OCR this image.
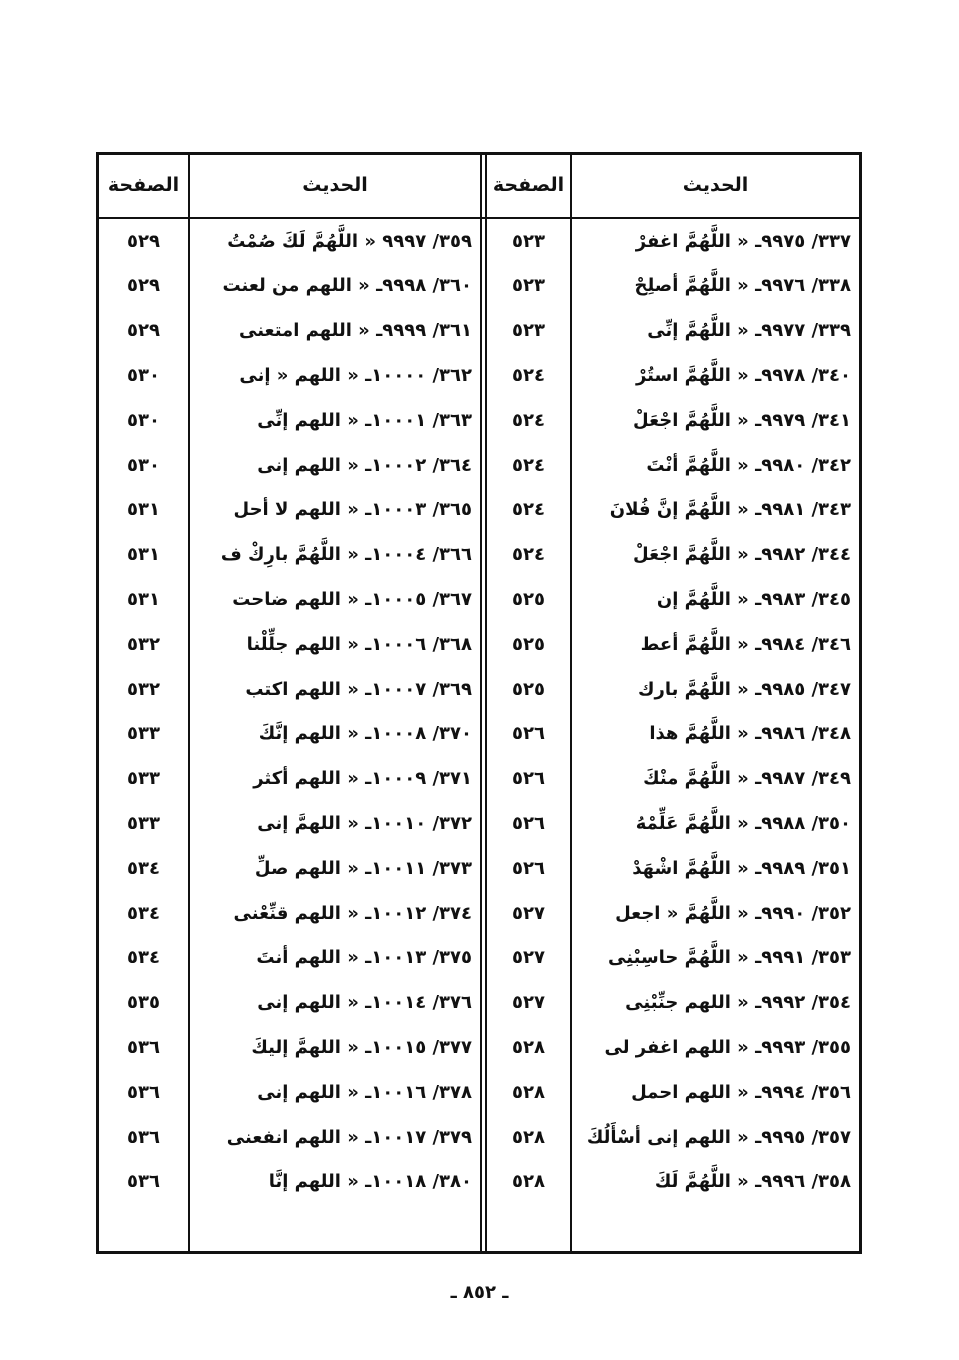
الصفحة	الحديث	الصفحة	الحديث
٥٢٩	٣٥٩/ ٩٩٩٧ « اللَّهُمَّ لَكَ صُمْتُ	٥٢٣	٣٣٧/ ٩٩٧٥ـ « اللَّهُمَّ اغفرْ
٥٢٩	٣٦٠/ ٩٩٩٨ـ « اللهم من لعنت	٥٢٣	٣٣٨/ ٩٩٧٦ـ « اللَّهُمَّ أصلِحْ
٥٢٩	٣٦١/ ٩٩٩٩ـ « اللهم امتعنى	٥٢٣	٣٣٩/ ٩٩٧٧ـ « اللَّهُمَّ إنِّى
٥٣٠	٣٦٢/ ١٠٠٠٠ـ « اللهم « إنى	٥٢٤	٣٤٠/ ٩٩٧٨ـ « اللَّهُمَّ استُرْ
٥٣٠	٣٦٣/ ١٠٠٠١ـ « اللهم إنِّى	٥٢٤	٣٤١/ ٩٩٧٩ـ « اللَّهُمَّ اجْعَلْ
٥٣٠	٣٦٤/ ١٠٠٠٢ـ « اللهم إنى	٥٢٤	٣٤٢/ ٩٩٨٠ـ « اللَّهُمَّ أنْتَ
٥٣١	٣٦٥/ ١٠٠٠٣ـ « اللهم لا أحل	٥٢٤	٣٤٣/ ٩٩٨١ـ « اللَّهُمَّ إنَّ فُلانَ
٥٣١	٣٦٦/ ١٠٠٠٤ـ « اللَّهُمَّ بارِكْ ف	٥٢٤	٣٤٤/ ٩٩٨٢ـ « اللَّهُمَّ اجْعَلْ
٥٣١	٣٦٧/ ١٠٠٠٥ـ « اللهم ضاحت	٥٢٥	٣٤٥/ ٩٩٨٣ـ « اللَّهُمَّ إن
٥٣٢	٣٦٨/ ١٠٠٠٦ـ « اللهم جلِّلْنا	٥٢٥	٣٤٦/ ٩٩٨٤ـ « اللَّهُمَّ أعط
٥٣٢	٣٦٩/ ١٠٠٠٧ـ « اللهم اكتب	٥٢٥	٣٤٧/ ٩٩٨٥ـ « اللَّهُمَّ بارك
٥٣٣	٣٧٠/ ١٠٠٠٨ـ « اللهم إنَّكَ	٥٢٦	٣٤٨/ ٩٩٨٦ـ « اللَّهُمَّ هذا
٥٣٣	٣٧١/ ١٠٠٠٩ـ « اللهم أكثر	٥٢٦	٣٤٩/ ٩٩٨٧ـ « اللَّهُمَّ منْكَ
٥٣٣	٣٧٢/ ١٠٠١٠ـ « اللهمَّ إنى	٥٢٦	٣٥٠/ ٩٩٨٨ـ « اللَّهُمَّ عَلِّمْهُ
٥٣٤	٣٧٣/ ١٠٠١١ـ « اللهم صلِّ	٥٢٦	٣٥١/ ٩٩٨٩ـ « اللَّهُمَّ اشْهَدْ
٥٣٤	٣٧٤/ ١٠٠١٢ـ « اللهم قنِّعْنى	٥٢٧	٣٥٢/ ٩٩٩٠ـ « اللَّهُمَّ « اجعل
٥٣٤	٣٧٥/ ١٠٠١٣ـ « اللهم أنتَ	٥٢٧	٣٥٣/ ٩٩٩١ـ « اللَّهُمَّ حاسِبْنِى
٥٣٥	٣٧٦/ ١٠٠١٤ـ « اللهم إنى	٥٢٧	٣٥٤/ ٩٩٩٢ـ « اللهم جنِّبْنِى
٥٣٦	٣٧٧/ ١٠٠١٥ـ « اللهمَّ إليكَ	٥٢٨	٣٥٥/ ٩٩٩٣ـ « اللهم اغفر لى
٥٣٦	٣٧٨/ ١٠٠١٦ـ « اللهم إنى	٥٢٨	٣٥٦/ ٩٩٩٤ـ « اللهم احمل
٥٣٦	٣٧٩/ ١٠٠١٧ـ « اللهم انفعنى	٥٢٨	٣٥٧/ ٩٩٩٥ـ « اللهم إنى أسْأَلُكَ
٥٣٦	٣٨٠/ ١٠٠١٨ـ « اللهم إنَّا	٥٢٨	٣٥٨/ ٩٩٩٦ـ « اللَّهُمَّ لَكَ
ـ ٨٥٢ ـ
